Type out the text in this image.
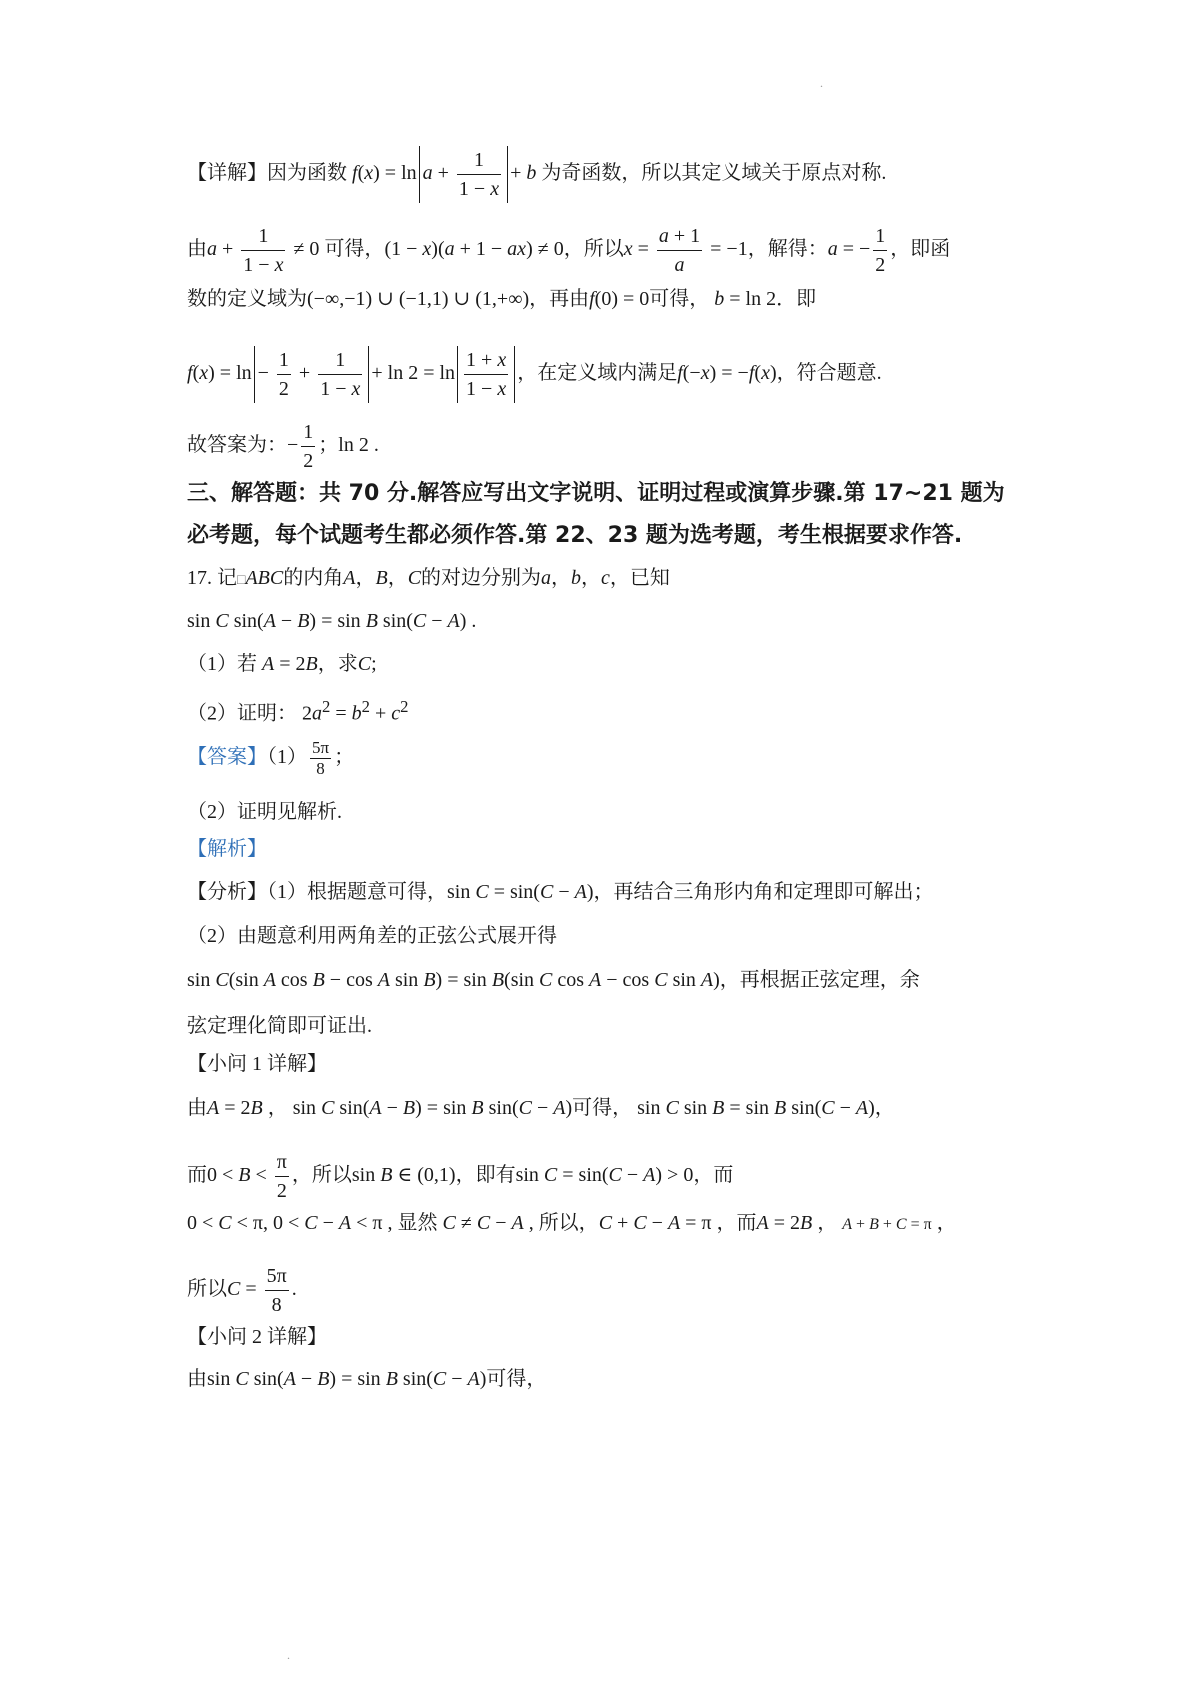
.
.
【详解】因为函数 $f(x) = \ln a + \frac{1}{1 - x} + b$ 为奇函数，所以其定义域关于原点对称.
由$a + \frac{1}{1 - x} \ne 0$ 可得，(1 − x)(a + 1 − ax) ≠ 0，所以$x = \frac{a + 1}{a} = -1$，解得：a = − $\frac{1}{2}$ ，即函
数的定义域为(−∞,−1) ∪ (−1,1) ∪ (1,+∞)，再由f(0) = 0可得， b = ln 2．即
$f(x) = \ln - \frac{1}{2} + \frac{1}{1 - x} + \ln 2 = \ln \frac{1 + x}{1 - x}$ ，在定义域内满足f(−x) = −f(x)，符合题意.
故答案为：− $\frac{1}{2}$ ；ln 2 .
三、解答题：共 70 分.解答应写出文字说明、证明过程或演算步骤.第 17~21 题为
必考题，每个试题考生都必须作答.第 22、23 题为选考题，考生根据要求作答.
17. 记□ABC的内角A，B，C的对边分别为a，b，c，已知
sin C sin(A − B) = sin B sin(C − A) .
（1）若 A = 2B，求C;
（2）证明： $2a^2 = b^2 + c^2$
【答案】$(1) \frac{5\pi}{8}$ ；
（2）证明见解析.
【解析】
【分析】（1）根据题意可得，sin C = sin(C − A)，再结合三角形内角和定理即可解出；
（2）由题意利用两角差的正弦公式展开得
sin C(sin A cos B − cos A sin B) = sin B(sin C cos A − cos C sin A)，再根据正弦定理，余
弦定理化简即可证出.
【小问 1 详解】
由A = 2B ， sin C sin(A − B) = sin B sin(C − A)可得， sin C sin B = sin B sin(C − A)，
而$0 < B < \frac{\pi}{2}$ ，所以sin B ∈ (0,1)，即有sin C = sin(C − A) > 0，而
0 < C < π, 0 < C − A < π , 显然 C ≠ C − A , 所以，C + C − A = π ，而A = 2B ， A + B + C = π ，
所以$C = \frac{5\pi}{8}$ .
【小问 2 详解】
由sin C sin(A − B) = sin B sin(C − A)可得，
